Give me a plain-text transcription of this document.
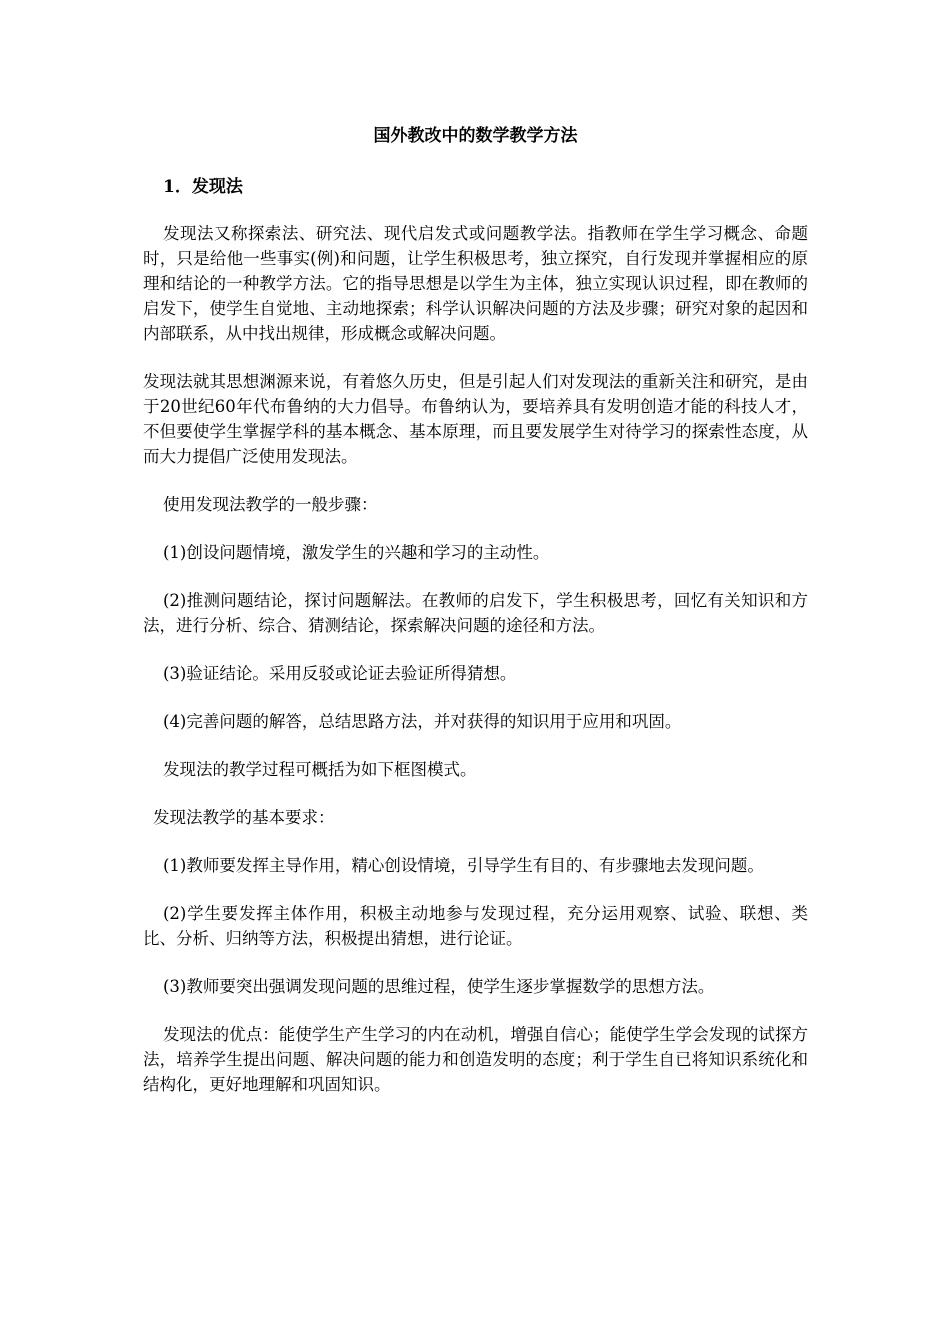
国外教改中的数学教学方法
1．发现法

发现法又称探索法、研究法、现代启发式或问题教学法。指教师在学生学习概念、命题时，只是给他一些事实(例)和问题，让学生积极思考，独立探究，自行发现并掌握相应的原理和结论的一种教学方法。它的指导思想是以学生为主体，独立实现认识过程，即在教师的启发下，使学生自觉地、主动地探索；科学认识解决问题的方法及步骤；研究对象的起因和内部联系，从中找出规律，形成概念或解决问题。

发现法就其思想渊源来说，有着悠久历史，但是引起人们对发现法的重新关注和研究，是由于20世纪60年代布鲁纳的大力倡导。布鲁纳认为，要培养具有发明创造才能的科技人才，不但要使学生掌握学科的基本概念、基本原理，而且要发展学生对待学习的探索性态度，从而大力提倡广泛使用发现法。

使用发现法教学的一般步骤：

(1)创设问题情境，激发学生的兴趣和学习的主动性。

(2)推测问题结论，探讨问题解法。在教师的启发下，学生积极思考，回忆有关知识和方法，进行分析、综合、猜测结论，探索解决问题的途径和方法。

(3)验证结论。采用反驳或论证去验证所得猜想。

(4)完善问题的解答，总结思路方法，并对获得的知识用于应用和巩固。

发现法的教学过程可概括为如下框图模式。

发现法教学的基本要求：

(1)教师要发挥主导作用，精心创设情境，引导学生有目的、有步骤地去发现问题。

(2)学生要发挥主体作用，积极主动地参与发现过程，充分运用观察、试验、联想、类比、分析、归纳等方法，积极提出猜想，进行论证。

(3)教师要突出强调发现问题的思维过程，使学生逐步掌握数学的思想方法。

发现法的优点：能使学生产生学习的内在动机，增强自信心；能使学生学会发现的试探方法，培养学生提出问题、解决问题的能力和创造发明的态度；利于学生自已将知识系统化和结构化，更好地理解和巩固知识。
